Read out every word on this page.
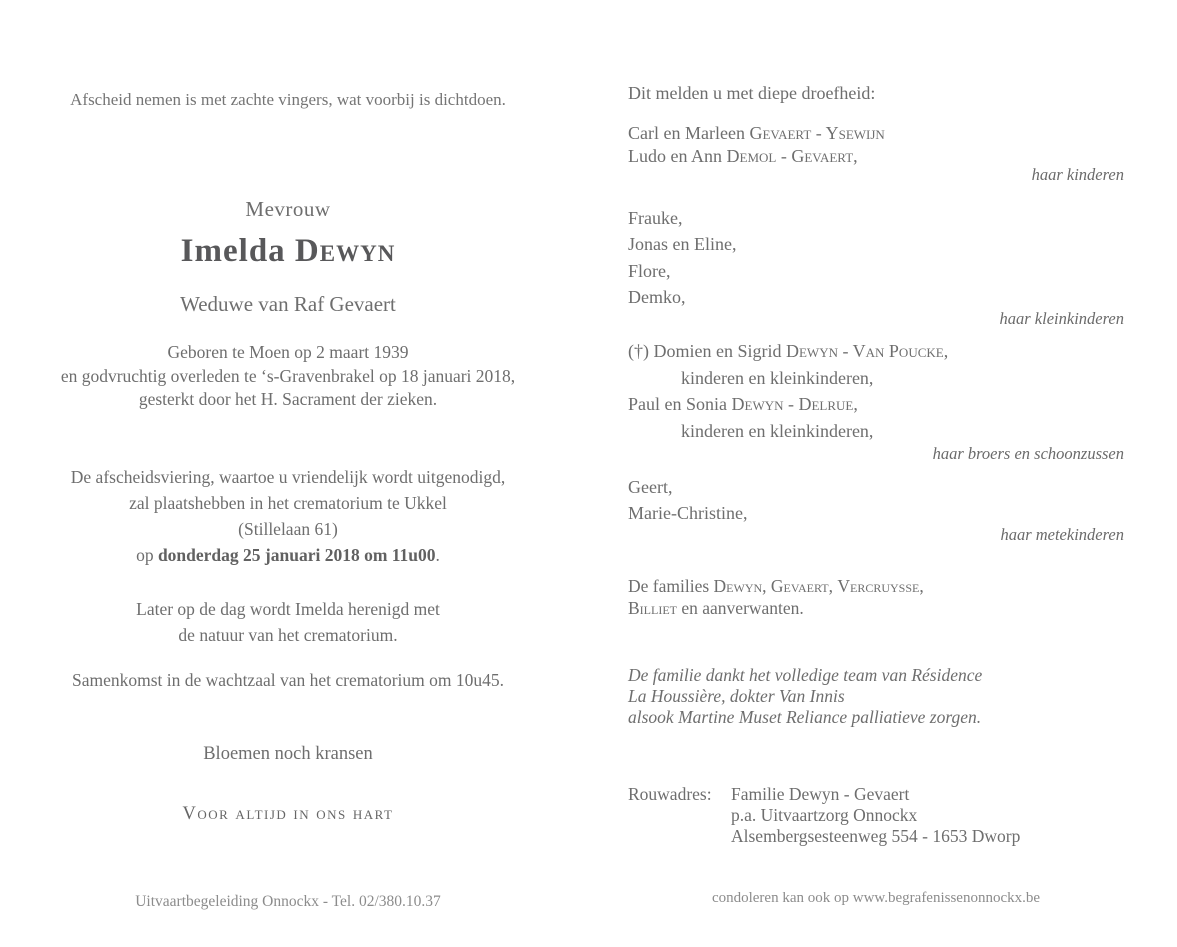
Afscheid nemen is met zachte vingers, wat voorbij is dichtdoen.
Mevrouw
Imelda Dewyn
Weduwe van Raf Gevaert
Geboren te Moen op 2 maart 1939
en godvruchtig overleden te ‘s-Gravenbrakel op 18 januari 2018,
gesterkt door het H. Sacrament der zieken.
De afscheidsviering, waartoe u vriendelijk wordt uitgenodigd,
zal plaatshebben in het crematorium te Ukkel
(Stillelaan 61)
op donderdag 25 januari 2018 om 11u00.
Later op de dag wordt Imelda herenigd met
de natuur van het crematorium.
Samenkomst in de wachtzaal van het crematorium om 10u45.
Bloemen noch kransen
Voor altijd in ons hart
Uitvaartbegeleiding Onnockx - Tel. 02/380.10.37
Dit melden u met diepe droefheid:
Carl en Marleen Gevaert - Ysewijn
Ludo en Ann Demol - Gevaert,
haar kinderen
Frauke,
Jonas en Eline,
Flore,
Demko,
haar kleinkinderen
(†) Domien en Sigrid Dewyn - Van Poucke,
kinderen en kleinkinderen,
Paul en Sonia Dewyn - Delrue,
kinderen en kleinkinderen,
haar broers en schoonzussen
Geert,
Marie-Christine,
haar metekinderen
De families Dewyn, Gevaert, Vercruysse,
Billiet en aanverwanten.
De familie dankt het volledige team van Résidence
La Houssière, dokter Van Innis
alsook Martine Muset Reliance palliatieve zorgen.
Rouwadres:	Familie Dewyn - Gevaert
p.a. Uitvaartzorg Onnockx
Alsembergsesteenweg 554 - 1653 Dworp
condoleren kan ook op www.begrafenissenonnockx.be
